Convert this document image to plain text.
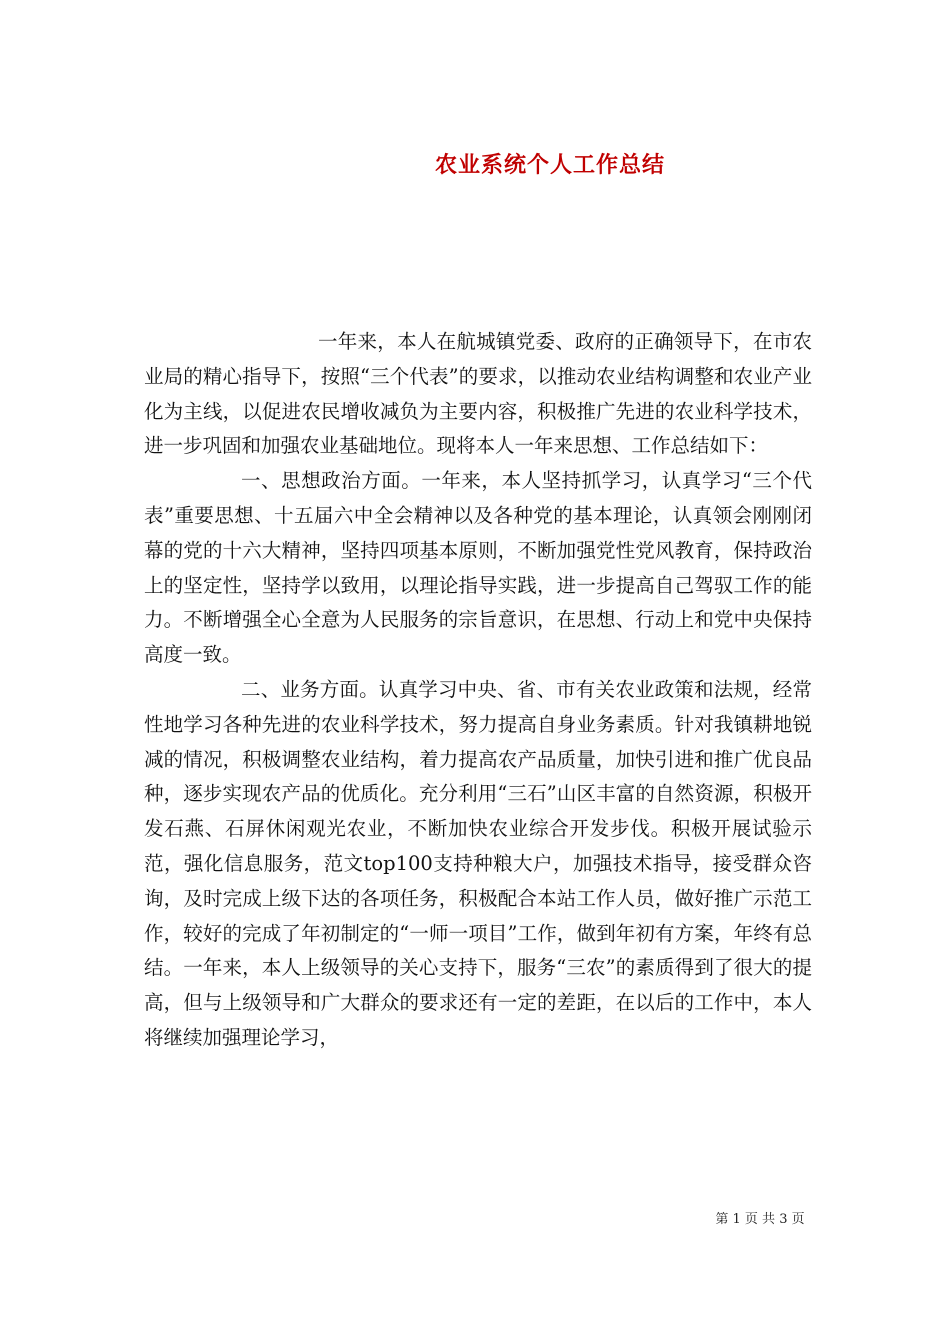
农业系统个人工作总结

一年来，本人在航城镇党委、政府的正确领导下，在市农业局的精心指导下，按照“三个代表”的要求，以推动农业结构调整和农业产业化为主线，以促进农民增收减负为主要内容，积极推广先进的农业科学技术，进一步巩固和加强农业基础地位。现将本人一年来思想、工作总结如下：

一、思想政治方面。一年来，本人坚持抓学习，认真学习“三个代表”重要思想、十五届六中全会精神以及各种党的基本理论，认真领会刚刚闭幕的党的十六大精神，坚持四项基本原则，不断加强党性党风教育，保持政治上的坚定性，坚持学以致用，以理论指导实践，进一步提高自己驾驭工作的能力。不断增强全心全意为人民服务的宗旨意识，在思想、行动上和党中央保持高度一致。

二、业务方面。认真学习中央、省、市有关农业政策和法规，经常性地学习各种先进的农业科学技术，努力提高自身业务素质。针对我镇耕地锐减的情况，积极调整农业结构，着力提高农产品质量，加快引进和推广优良品种，逐步实现农产品的优质化。充分利用“三石”山区丰富的自然资源，积极开发石燕、石屏休闲观光农业，不断加快农业综合开发步伐。积极开展试验示范，强化信息服务，范文top100支持种粮大户，加强技术指导，接受群众咨询，及时完成上级下达的各项任务，积极配合本站工作人员，做好推广示范工作，较好的完成了年初制定的“一师一项目”工作，做到年初有方案，年终有总结。一年来，本人上级领导的关心支持下，服务“三农”的素质得到了很大的提高，但与上级领导和广大群众的要求还有一定的差距，在以后的工作中，本人将继续加强理论学习，

第 1 页 共 3 页
